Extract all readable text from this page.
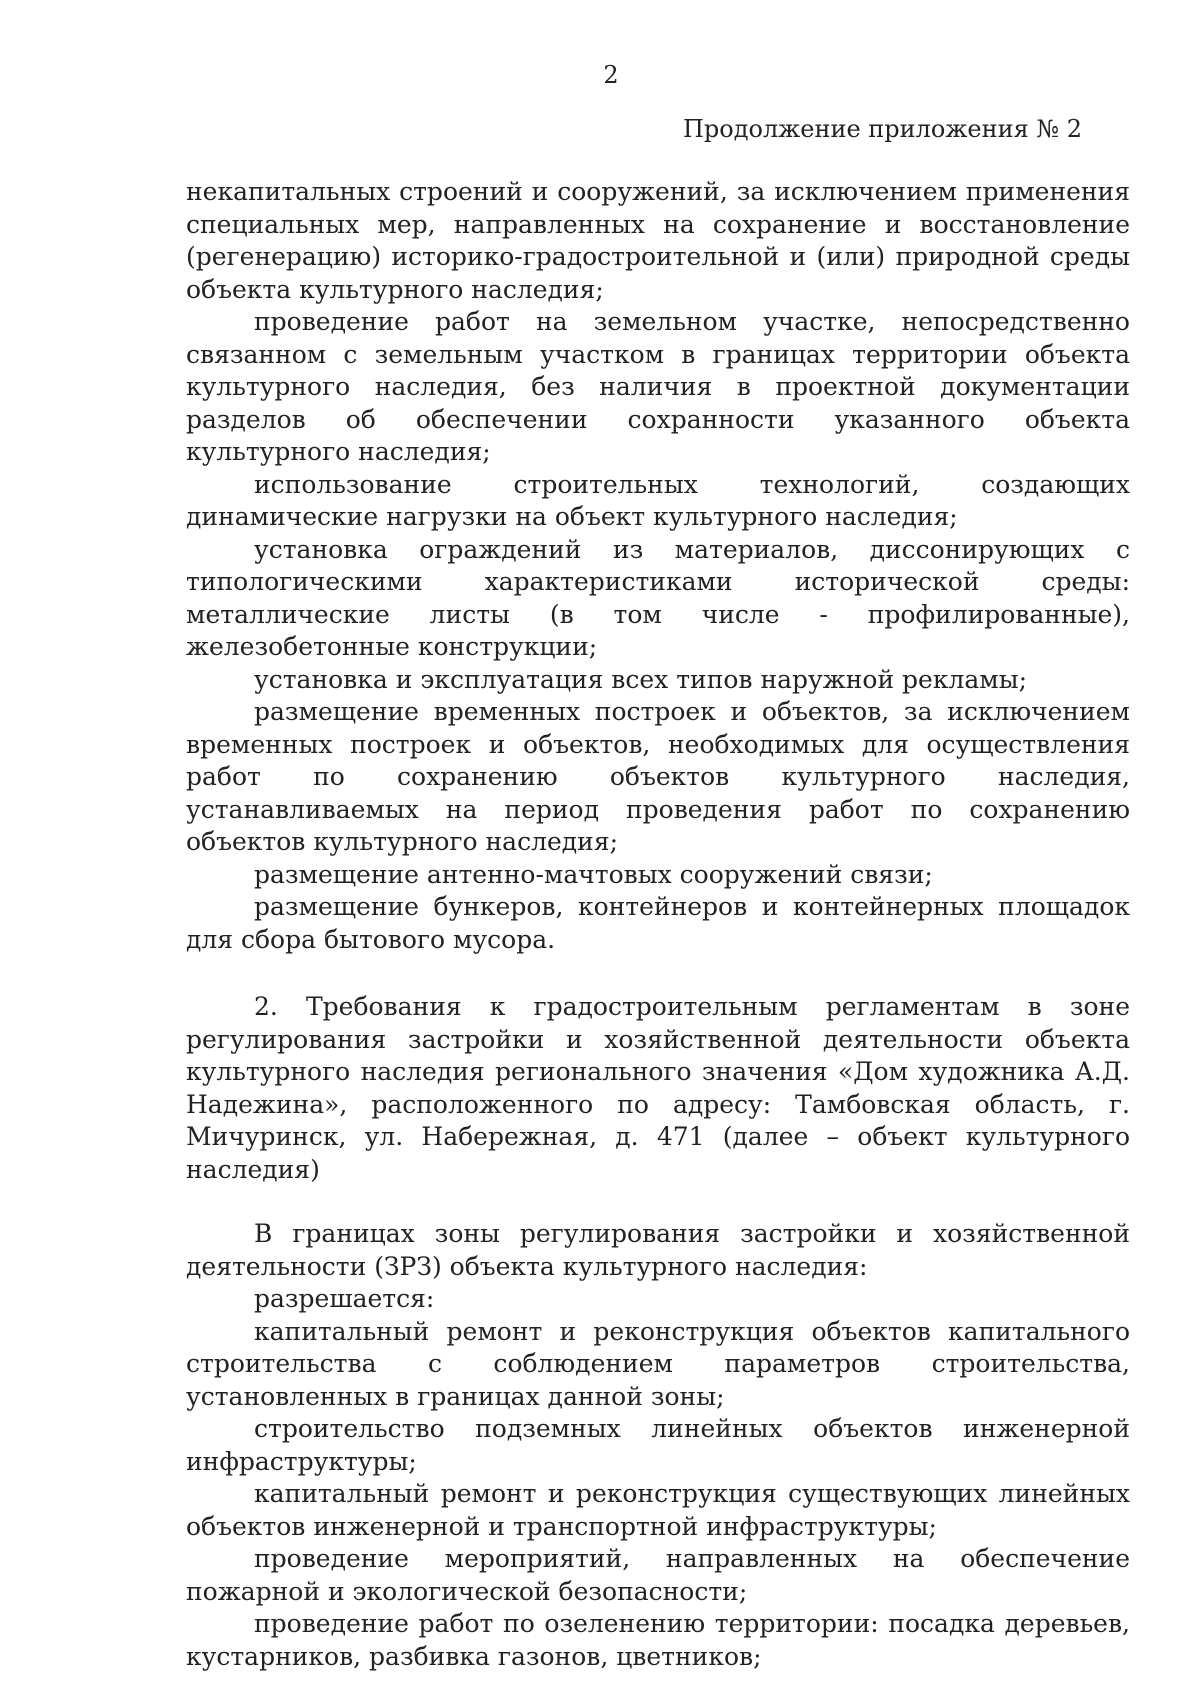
2
Продолжение приложения № 2

некапитальных строений и сооружений, за исключением применения специальных мер, направленных на сохранение и восстановление (регенерацию) историко-градостроительной и (или) природной среды объекта культурного наследия;

проведение работ на земельном участке, непосредственно связанном с земельным участком в границах территории объекта культурного наследия, без наличия в проектной документации разделов об обеспечении сохранности указанного объекта культурного наследия;

использование строительных технологий, создающих динамические нагрузки на объект культурного наследия;

установка ограждений из материалов, диссонирующих с типологическими характеристиками исторической среды: металлические листы (в том числе - профилированные), железобетонные конструкции;

установка и эксплуатация всех типов наружной рекламы;

размещение временных построек и объектов, за исключением временных построек и объектов, необходимых для осуществления работ по сохранению объектов культурного наследия, устанавливаемых на период проведения работ по сохранению объектов культурного наследия;

размещение антенно-мачтовых сооружений связи;

размещение бункеров, контейнеров и контейнерных площадок для сбора бытового мусора.

2. Требования к градостроительным регламентам в зоне регулирования застройки и хозяйственной деятельности объекта культурного наследия регионального значения «Дом художника А.Д. Надежина», расположенного по адресу: Тамбовская область, г. Мичуринск, ул. Набережная, д. 471 (далее – объект культурного наследия)

В границах зоны регулирования застройки и хозяйственной деятельности (ЗРЗ) объекта культурного наследия:

разрешается:

капитальный ремонт и реконструкция объектов капитального строительства с соблюдением параметров строительства, установленных в границах данной зоны;

строительство подземных линейных объектов инженерной инфраструктуры;

капитальный ремонт и реконструкция существующих линейных объектов инженерной и транспортной инфраструктуры;

проведение мероприятий, направленных на обеспечение пожарной и экологической безопасности;

проведение работ по озеленению территории: посадка деревьев, кустарников, разбивка газонов, цветников;
